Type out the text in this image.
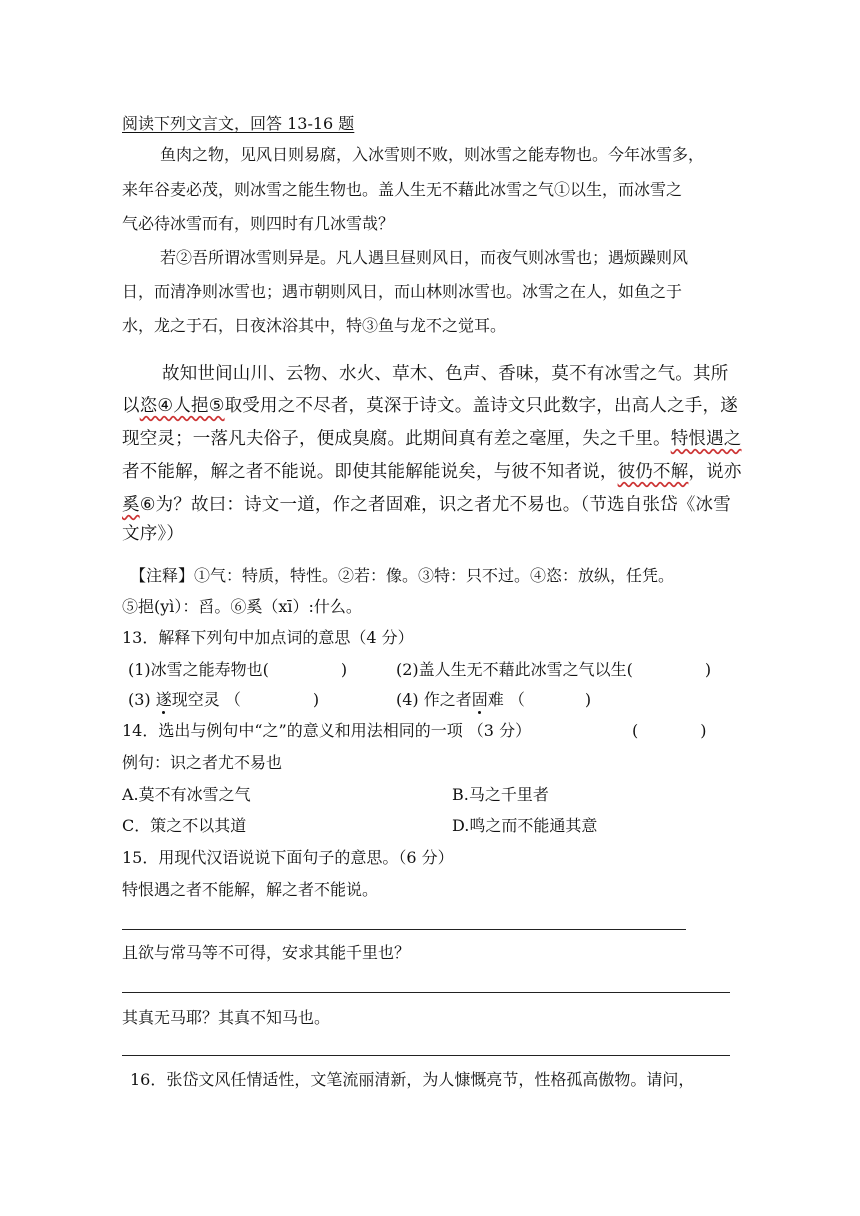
阅读下列文言文，回答 13-16 题
鱼肉之物，见风日则易腐，入冰雪则不败，则冰雪之能寿物也。今年冰雪多，
来年谷麦必茂，则冰雪之能生物也。盖人生无不藉此冰雪之气①以生，而冰雪之
气必待冰雪而有，则四时有几冰雪哉？
若②吾所谓冰雪则异是。凡人遇旦昼则风日，而夜气则冰雪也；遇烦躁则风
日，而清净则冰雪也；遇市朝则风日，而山林则冰雪也。冰雪之在人，如鱼之于
水，龙之于石，日夜沐浴其中，特③鱼与龙不之觉耳。
故知世间山川、云物、水火、草木、色声、香味，莫不有冰雪之气。其所
以恣④人挹⑤取受用之不尽者，莫深于诗文。盖诗文只此数字，出高人之手，遂
现空灵；一落凡夫俗子，便成臭腐。此期间真有差之毫厘，失之千里。特恨遇之
者不能解，解之者不能说。即使其能解能说矣，与彼不知者说，彼仍不解，说亦
奚⑥为？故曰：诗文一道，作之者固难，识之者尤不易也。（节选自张岱《冰雪
文序》）
【注释】①气：特质，特性。②若：像。③特：只不过。④恣：放纵，任凭。
⑤挹(yì）：舀。⑥奚（xī）:什么。
13．解释下列句中加点词的意思（4 分）
(1)冰雪之能寿物也(	)	(2)盖人生无不藉此冰雪之气以生(	)
(3) 遂现空灵 （	)	(4) 作之者固难 （	)
14．选出与例句中“之”的意义和用法相同的一项 （3 分）	(	)
例句：识之者尤不易也
A.莫不有冰雪之气	B.马之千里者
C．策之不以其道	D.鸣之而不能通其意
15．用现代汉语说说下面句子的意思。（6 分）
特恨遇之者不能解，解之者不能说。
且欲与常马等不可得，安求其能千里也？
其真无马耶？其真不知马也。
16．张岱文风任情适性，文笔流丽清新，为人慷慨亮节，性格孤高傲物。请问，
